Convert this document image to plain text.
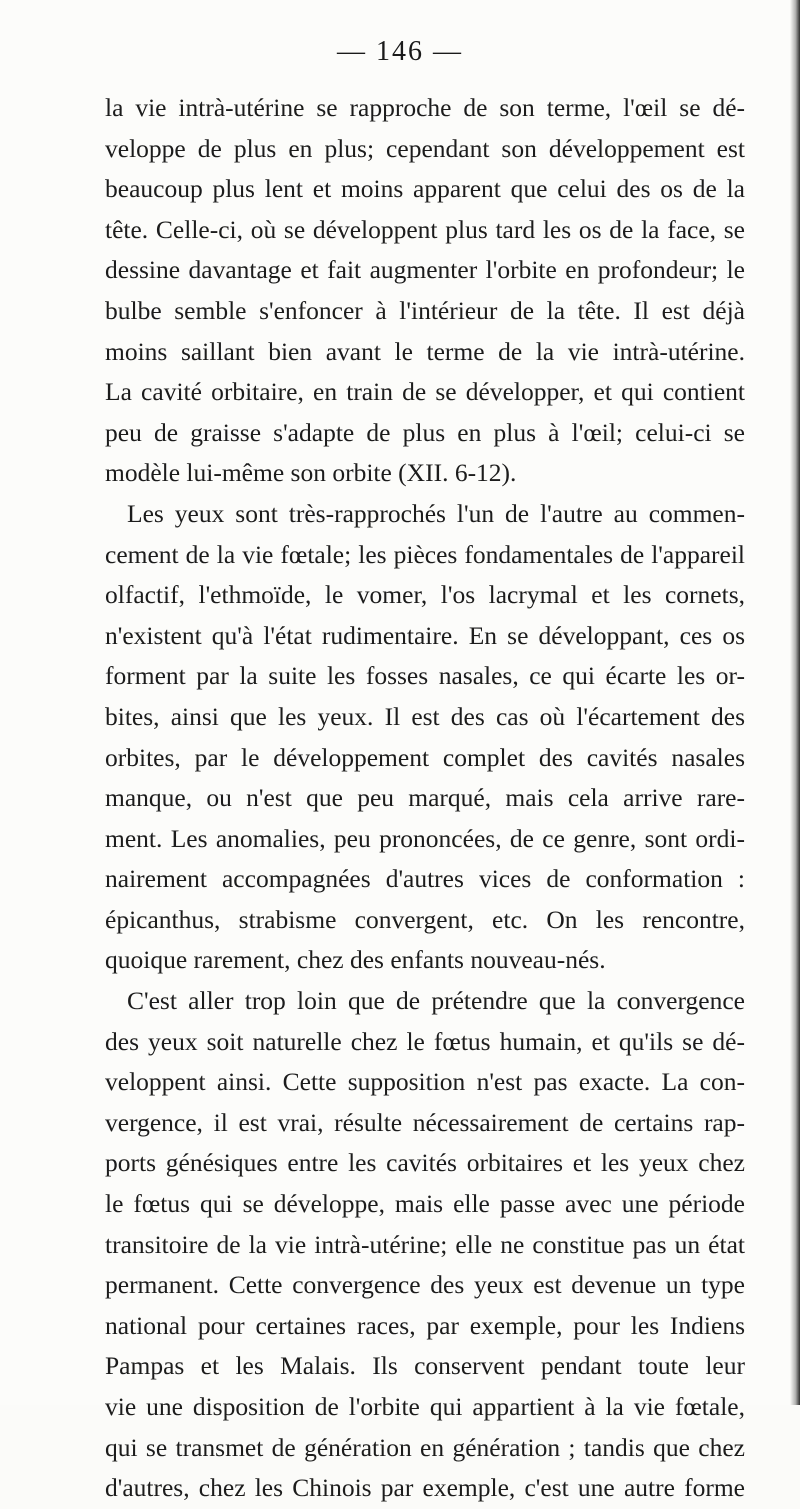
— 146 —
la vie intrà-utérine se rapproche de son terme, l'œil se dé-
veloppe de plus en plus; cependant son développement est
beaucoup plus lent et moins apparent que celui des os de la
tête. Celle-ci, où se développent plus tard les os de la face, se
dessine davantage et fait augmenter l'orbite en profondeur; le
bulbe semble s'enfoncer à l'intérieur de la tête. Il est déjà
moins saillant bien avant le terme de la vie intrà-utérine.
La cavité orbitaire, en train de se développer, et qui contient
peu de graisse s'adapte de plus en plus à l'œil; celui-ci se
modèle lui-même son orbite (XII. 6-12).
Les yeux sont très-rapprochés l'un de l'autre au commen-
cement de la vie fœtale; les pièces fondamentales de l'appareil
olfactif, l'ethmoïde, le vomer, l'os lacrymal et les cornets,
n'existent qu'à l'état rudimentaire. En se développant, ces os
forment par la suite les fosses nasales, ce qui écarte les or-
bites, ainsi que les yeux. Il est des cas où l'écartement des
orbites, par le développement complet des cavités nasales
manque, ou n'est que peu marqué, mais cela arrive rare-
ment. Les anomalies, peu prononcées, de ce genre, sont ordi-
nairement accompagnées d'autres vices de conformation :
épicanthus, strabisme convergent, etc. On les rencontre,
quoique rarement, chez des enfants nouveau-nés.
C'est aller trop loin que de prétendre que la convergence
des yeux soit naturelle chez le fœtus humain, et qu'ils se dé-
veloppent ainsi. Cette supposition n'est pas exacte. La con-
vergence, il est vrai, résulte nécessairement de certains rap-
ports génésiques entre les cavités orbitaires et les yeux chez
le fœtus qui se développe, mais elle passe avec une période
transitoire de la vie intrà-utérine; elle ne constitue pas un état
permanent. Cette convergence des yeux est devenue un type
national pour certaines races, par exemple, pour les Indiens
Pampas et les Malais. Ils conservent pendant toute leur
vie une disposition de l'orbite qui appartient à la vie fœtale,
qui se transmet de génération en génération ; tandis que chez
d'autres, chez les Chinois par exemple, c'est une autre forme
